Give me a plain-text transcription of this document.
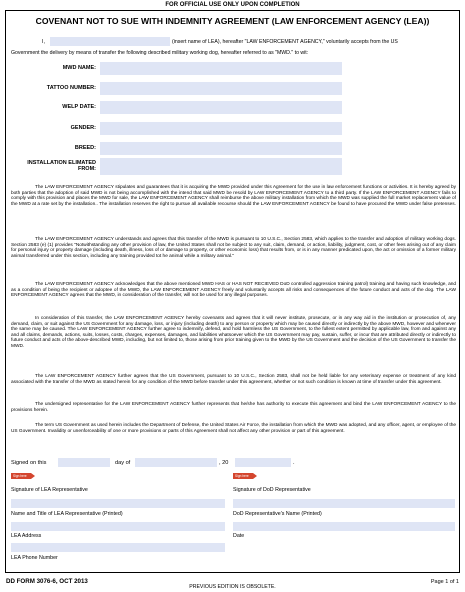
FOR OFFICIAL USE ONLY UPON COMPLETION
COVENANT NOT TO SUE WITH INDEMNITY AGREEMENT (LAW ENFORCEMENT AGENCY (LEA))
I,	(insert name of LEA), hereafter "LAW ENFORCEMENT AGENCY," voluntarily accepts from the US
Government the delivery by means of transfer the following described military working dog, hereafter referred to as "MWD." to wit:
MWD NAME:
TATTOO NUMBER:
WELP DATE:
GENDER:
BREED:
INSTALLATION ELIMATED
FROM:

The LAW ENFORCEMENT AGENCY stipulates and guarantees that it is acquiring the MWD provided under this Agreement for the use in law enforcement functions or activities. It is hereby agreed by both parties that the adoption of said MWD is not being accomplished with the intend that said MWD be resold by LAW ENFORCEMENT AGENCY to a third party. If the LAW ENFORCEMENT AGENCY fails to comply with this provision and places the MWD for sale, the LAW ENFORCEMENT AGENCY shall reimburse the above military installation from which the MWD was supplied the full market replacement value of the MWD at a rate set by the installation.. The installation reserves the right to pursue all available recourse should the LAW ENFORCEMENT AGENCY be found to have procured the MWD under false pretenses.

The LAW ENFORCEMENT AGENCY understands and agrees that this transfer of the MWD is pursuant to 10 U.S.C., Section 2583, which applies to the transfer and adoption of military working dogs. Section 2583 (e) (1) provides "Notwithstanding any other provision of law, the United States shall not be subject to any suit, claim, demand, or action, liability, judgment, cost, or other fees arising out of any claim for personal injury or property damage (including death, illness, loss of or damage to property, or other economic loss) that results from, or is in any manner predicated upon, the act or omission of a former military animal transferred under this section, including any training provided tot he animal while a military animal."

The LAW ENFORCEMENT AGENCY acknowledges that the above mentioned MWD HAS or HAS NOT RECIEVED DoD controlled aggression training patrol) training and having such knowledge, and as a condition of being the recipient or adoptee of the MWD, the LAW ENFORCEMENT AGENCY freely and voluntarily accepts all risks and consequences of the future conduct and acts of the dog. The LAW ENFORCEMENT AGENCY agrees that the MWD, in consideration of the transfer, will not be used for any illegal purposes.

In consideration of this transfer, the LAW ENFORCEMENT AGENCY hereby covenants and agrees that it will never institute, prosecute, or in any way aid in the institution or prosecution of, any demand, claim, or suit against the US Government for any damage, loss, or injury (including death) to any person or property which may be caused directly or indirectly by the above MWD, however and whenever the same may be caused. The LAW ENFORCEMENT AGENCY further agree to indemnify, defend, and hold harmless the US Government, to the fullest extent permitted by applicable law, from and against any and all claims, demands, actions, suits, losses, costs, charges, expenses, damages, and liabilities whatsoever which the US Government may pay, sustain, suffer, or incur that are attributed directly or indirectly to future conduct and acts of the above-described MWD, including, but not limited to, those arising from prior training given to the MWD by the US Government and the decision of the US Government to transfer the MWD.

The LAW ENFORCEMENT AGENCY further agrees that the US Government, pursuant to 10 U.S.C., Section 2583, shall not be held liable for any veterinary expense or treatment of any kind associated with the transfer of the MWD as stated herein for any condition of the MWD before transfer under this agreement, whether or not such condition is known at time of transfer under this agreement.

The undersigned representative for the LAW ENFORCEMENT AGENCY further represents that he/she has authority to execute this agreement and bind the LAW ENFORCEMENT AGENCY to the provisions herein.

The term US Government as used herein includes the Department of Defense, the United States Air Force, the installation from which the MWD was adopted, and any officer, agent, or employee of the US Government. Invalidity or unenforceability of one or more provisions or parts of this Agreement shall not affect any other provision or part of this agreement.

Signed on this	day of	, 20	.
Sign here
Signature of LEA Representative
Sign here
Signature of DoD Representative
Name and Title of LEA Representative (Printed)	DoD Representative's Name (Printed)
LEA Address	Date
LEA Phone Number
DD FORM 3076-6, OCT 2013
PREVIOUS EDITION IS OBSOLETE.
Page 1 of 1
